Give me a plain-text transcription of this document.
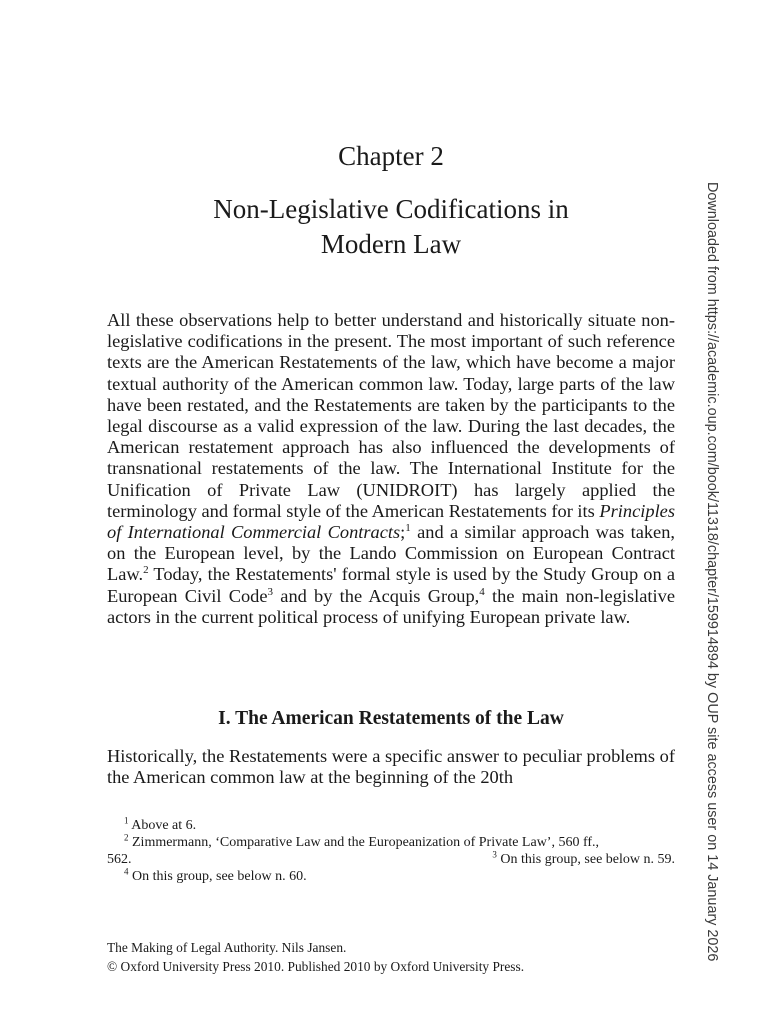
Chapter 2
Non-Legislative Codifications in
Modern Law
All these observations help to better understand and historically situate non-legislative codifications in the present. The most important of such reference texts are the American Restatements of the law, which have become a major textual authority of the American common law. Today, large parts of the law have been restated, and the Restatements are taken by the participants to the legal discourse as a valid expression of the law. During the last decades, the American restatement approach has also influenced the developments of transnational restatements of the law. The International Institute for the Unification of Private Law (UNIDROIT) has largely applied the terminology and formal style of the American Restatements for its Principles of International Commercial Contracts;$^1$ and a similar approach was taken, on the European level, by the Lando Commission on European Contract Law.$^2$ Today, the Restatements' formal style is used by the Study Group on a European Civil Code$^3$ and by the Acquis Group,$^4$ the main non-legislative actors in the current political process of unifying European private law.
I. The American Restatements of the Law
Historically, the Restatements were a specific answer to peculiar problems of the American common law at the beginning of the 20th
$^1$ Above at 6.
$^2$ Zimmermann, ‘Comparative Law and the Europeanization of Private Law’, 560 ff.,
562.	$^3$ On this group, see below n. 59.
$^4$ On this group, see below n. 60.
The Making of Legal Authority. Nils Jansen.
© Oxford University Press 2010. Published 2010 by Oxford University Press.
Downloaded from https://academic.oup.com/book/11318/chapter/159914894 by OUP site access user on 14 January 2026
